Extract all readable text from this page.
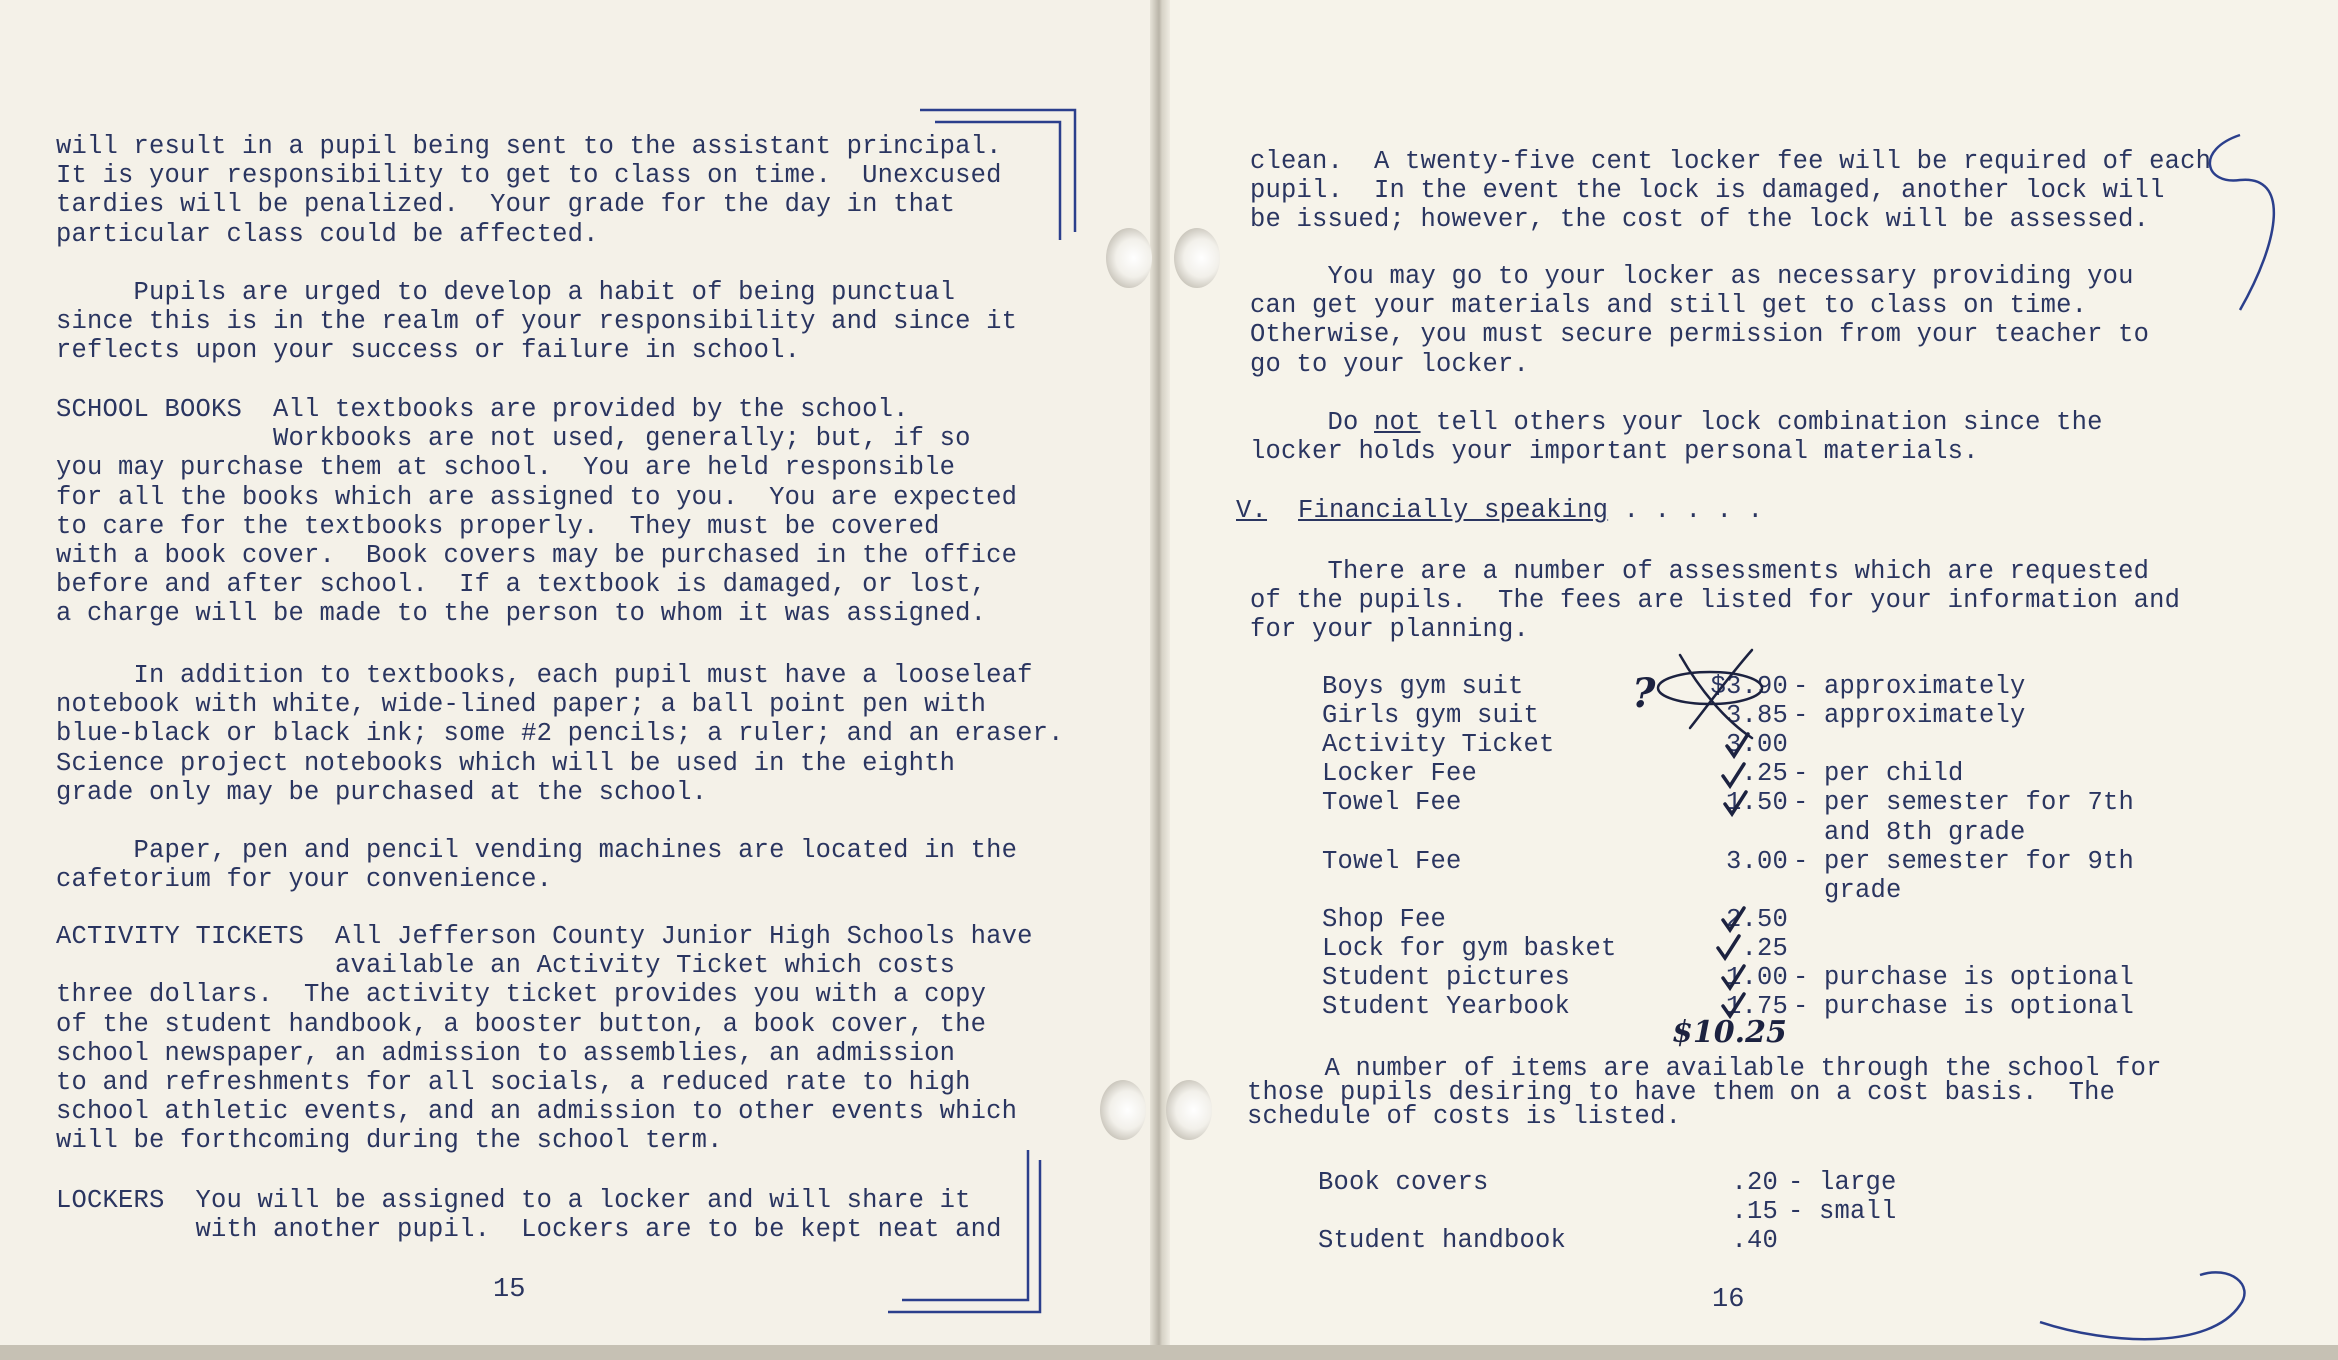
will result in a pupil being sent to the assistant principal.
It is your responsibility to get to class on time.  Unexcused
tardies will be penalized.  Your grade for the day in that
particular class could be affected.
Pupils are urged to develop a habit of being punctual
since this is in the realm of your responsibility and since it
reflects upon your success or failure in school.
SCHOOL BOOKS  All textbooks are provided by the school.
Workbooks are not used, generally; but, if so
you may purchase them at school.  You are held responsible
for all the books which are assigned to you.  You are expected
to care for the textbooks properly.  They must be covered
with a book cover.  Book covers may be purchased in the office
before and after school.  If a textbook is damaged, or lost,
a charge will be made to the person to whom it was assigned.
In addition to textbooks, each pupil must have a looseleaf
notebook with white, wide-lined paper; a ball point pen with
blue-black or black ink; some #2 pencils; a ruler; and an eraser.
Science project notebooks which will be used in the eighth
grade only may be purchased at the school.
Paper, pen and pencil vending machines are located in the
cafetorium for your convenience.
ACTIVITY TICKETS  All Jefferson County Junior High Schools have
available an Activity Ticket which costs
three dollars.  The activity ticket provides you with a copy
of the student handbook, a booster button, a book cover, the
school newspaper, an admission to assemblies, an admission
to and refreshments for all socials, a reduced rate to high
school athletic events, and an admission to other events which
will be forthcoming during the school term.
LOCKERS  You will be assigned to a locker and will share it
with another pupil.  Lockers are to be kept neat and
15
clean.  A twenty-five cent locker fee will be required of each
pupil.  In the event the lock is damaged, another lock will
be issued; however, the cost of the lock will be assessed.
You may go to your locker as necessary providing you
can get your materials and still get to class on time.
Otherwise, you must secure permission from your teacher to
go to your locker.
Do not tell others your lock combination since the
locker holds your important personal materials.
There are a number of assessments which are requested
of the pupils.  The fees are listed for your information and
for your planning.
A number of items are available through the school for
those pupils desiring to have them on a cost basis.  The
schedule of costs is listed.
V. Financially speaking . . . . .
Boys gym suit	$3.90 - approximately
Girls gym suit	3.85 - approximately
Activity Ticket	3.00
Locker Fee	.25 - per child
Towel Fee	1.50 - per semester for 7th
and 8th grade
Towel Fee	3.00 - per semester for 9th
grade
Shop Fee	2.50
Lock for gym basket	.25
Student pictures	1.00 - purchase is optional
Student Yearbook	1.75 - purchase is optional
Book covers	.20 - large
.15 - small
Student handbook	.40
16
?
$10.25
